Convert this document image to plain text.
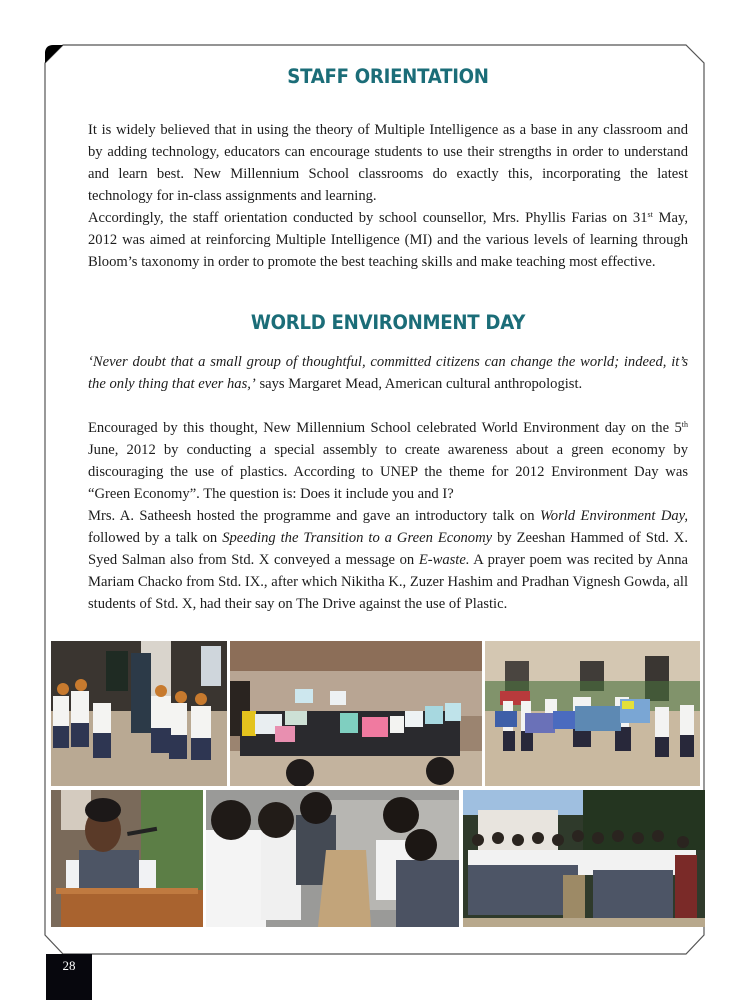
STAFF ORIENTATION

It is widely believed that in using the theory of Multiple Intelligence as a base in any classroom and by adding technology, educators can encourage students to use their strengths in order to understand and learn best. New Millennium School classrooms do exactly this, incorporating the latest technology for in-class assignments and learning.

Accordingly, the staff orientation conducted by school counsellor, Mrs. Phyllis Farias on 31st May, 2012 was aimed at reinforcing Multiple Intelligence (MI) and the various levels of learning through Bloom’s taxonomy in order to promote the best teaching skills and make teaching most effective.

WORLD ENVIRONMENT DAY

‘Never doubt that a small group of thoughtful, committed citizens can change the world; indeed, it’s the only thing that ever has,’ says Margaret Mead, American cultural anthropologist.

Encouraged by this thought, New Millennium School celebrated World Environment day on the 5th June, 2012 by conducting a special assembly to create awareness about a green economy by discouraging the use of plastics. According to UNEP the theme for 2012 Environment Day was “Green Economy”. The question is: Does it include you and I?

Mrs. A. Satheesh hosted the programme and gave an introductory talk on World Environment Day, followed by a talk on Speeding the Transition to a Green Economy by Zeeshan Hammed of Std. X. Syed Salman also from Std. X conveyed a message on E-waste. A prayer poem was recited by Anna Mariam Chacko from Std. IX., after which Nikitha K., Zuzer Hashim and Pradhan Vignesh Gowda, all students of Std. X, had their say on The Drive against the use of Plastic.

28
